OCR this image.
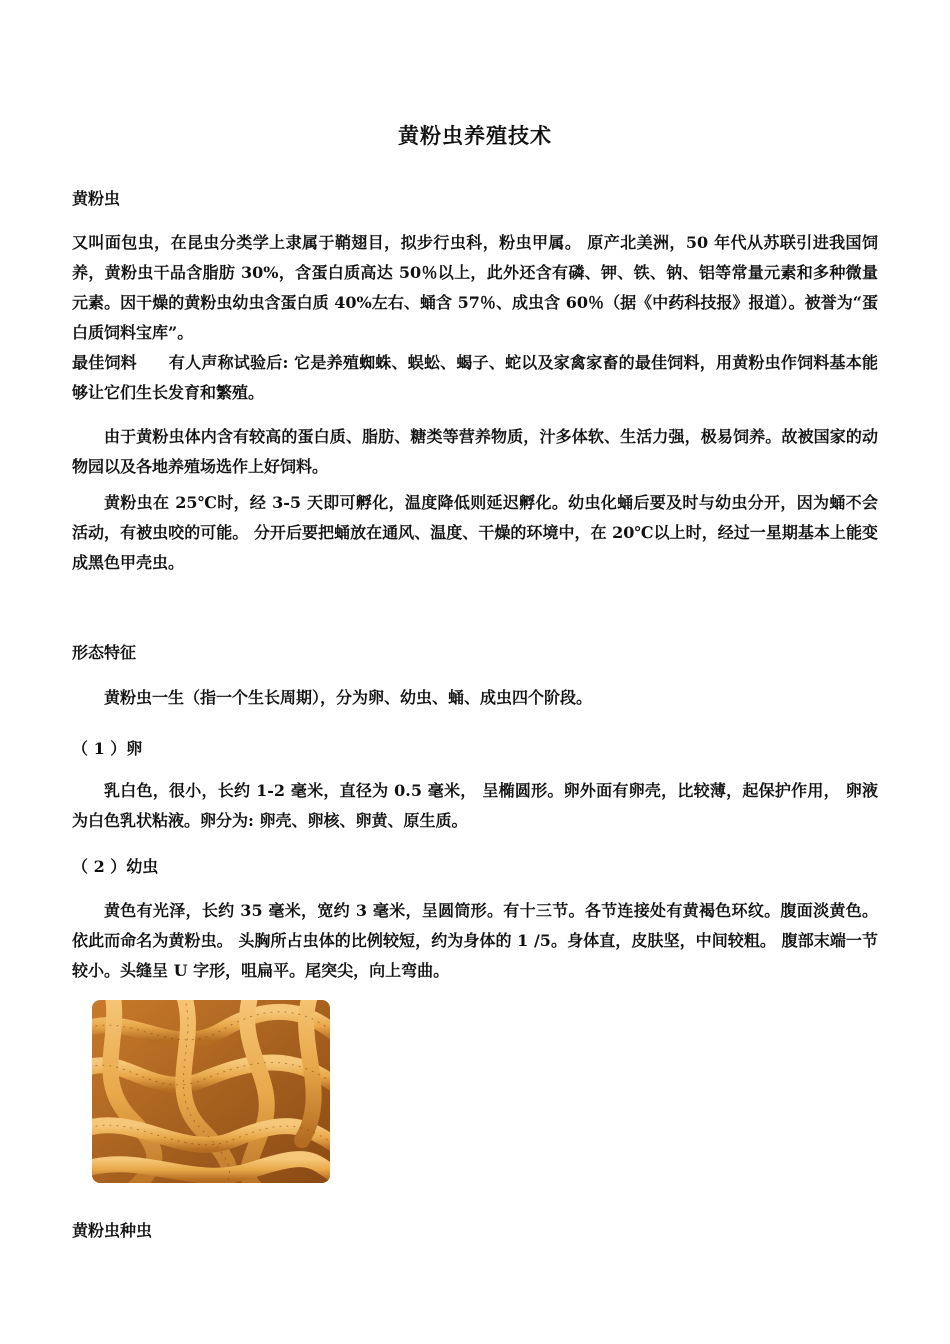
黄粉虫养殖技术

黄粉虫

又叫面包虫，在昆虫分类学上隶属于鞘翅目，拟步行虫科，粉虫甲属。 原产北美洲，50 年代从苏联引进我国饲养，黄粉虫干品含脂肪 30%，含蛋白质高达 50％以上，此外还含有磷、钾、铁、钠、铝等常量元素和多种微量元素。因干燥的黄粉虫幼虫含蛋白质 40%左右、蛹含 57％、成虫含 60％（据《中药科技报》报道）。被誉为“蛋白质饲料宝库”。

最佳饲料 有人声称试验后: 它是养殖蜘蛛、蜈蚣、蝎子、蛇以及家禽家畜的最佳饲料，用黄粉虫作饲料基本能够让它们生长发育和繁殖。

由于黄粉虫体内含有较高的蛋白质、脂肪、糖类等营养物质，汁多体软、生活力强，极易饲养。故被国家的动物园以及各地养殖场选作上好饲料。

黄粉虫在 25℃时，经 3-5 天即可孵化，温度降低则延迟孵化。幼虫化蛹后要及时与幼虫分开，因为蛹不会活动，有被虫咬的可能。 分开后要把蛹放在通风、温度、干燥的环境中，在 20℃以上时，经过一星期基本上能变成黑色甲壳虫。

形态特征

黄粉虫一生（指一个生长周期），分为卵、幼虫、蛹、成虫四个阶段。

（ 1 ）卵

乳白色，很小，长约 1-2 毫米，直径为 0.5 毫米， 呈椭圆形。卵外面有卵壳，比较薄，起保护作用， 卵液为白色乳状粘液。卵分为: 卵壳、卵核、卵黄、原生质。

（ 2 ）幼虫

黄色有光泽，长约 35 毫米，宽约 3 毫米，呈圆筒形。有十三节。各节连接处有黄褐色环纹。腹面淡黄色。依此而命名为黄粉虫。 头胸所占虫体的比例较短，约为身体的 1 /5。身体直，皮肤坚，中间较粗。 腹部末端一节较小。头缝呈 U 字形，咀扁平。尾突尖，向上弯曲。

黄粉虫种虫
